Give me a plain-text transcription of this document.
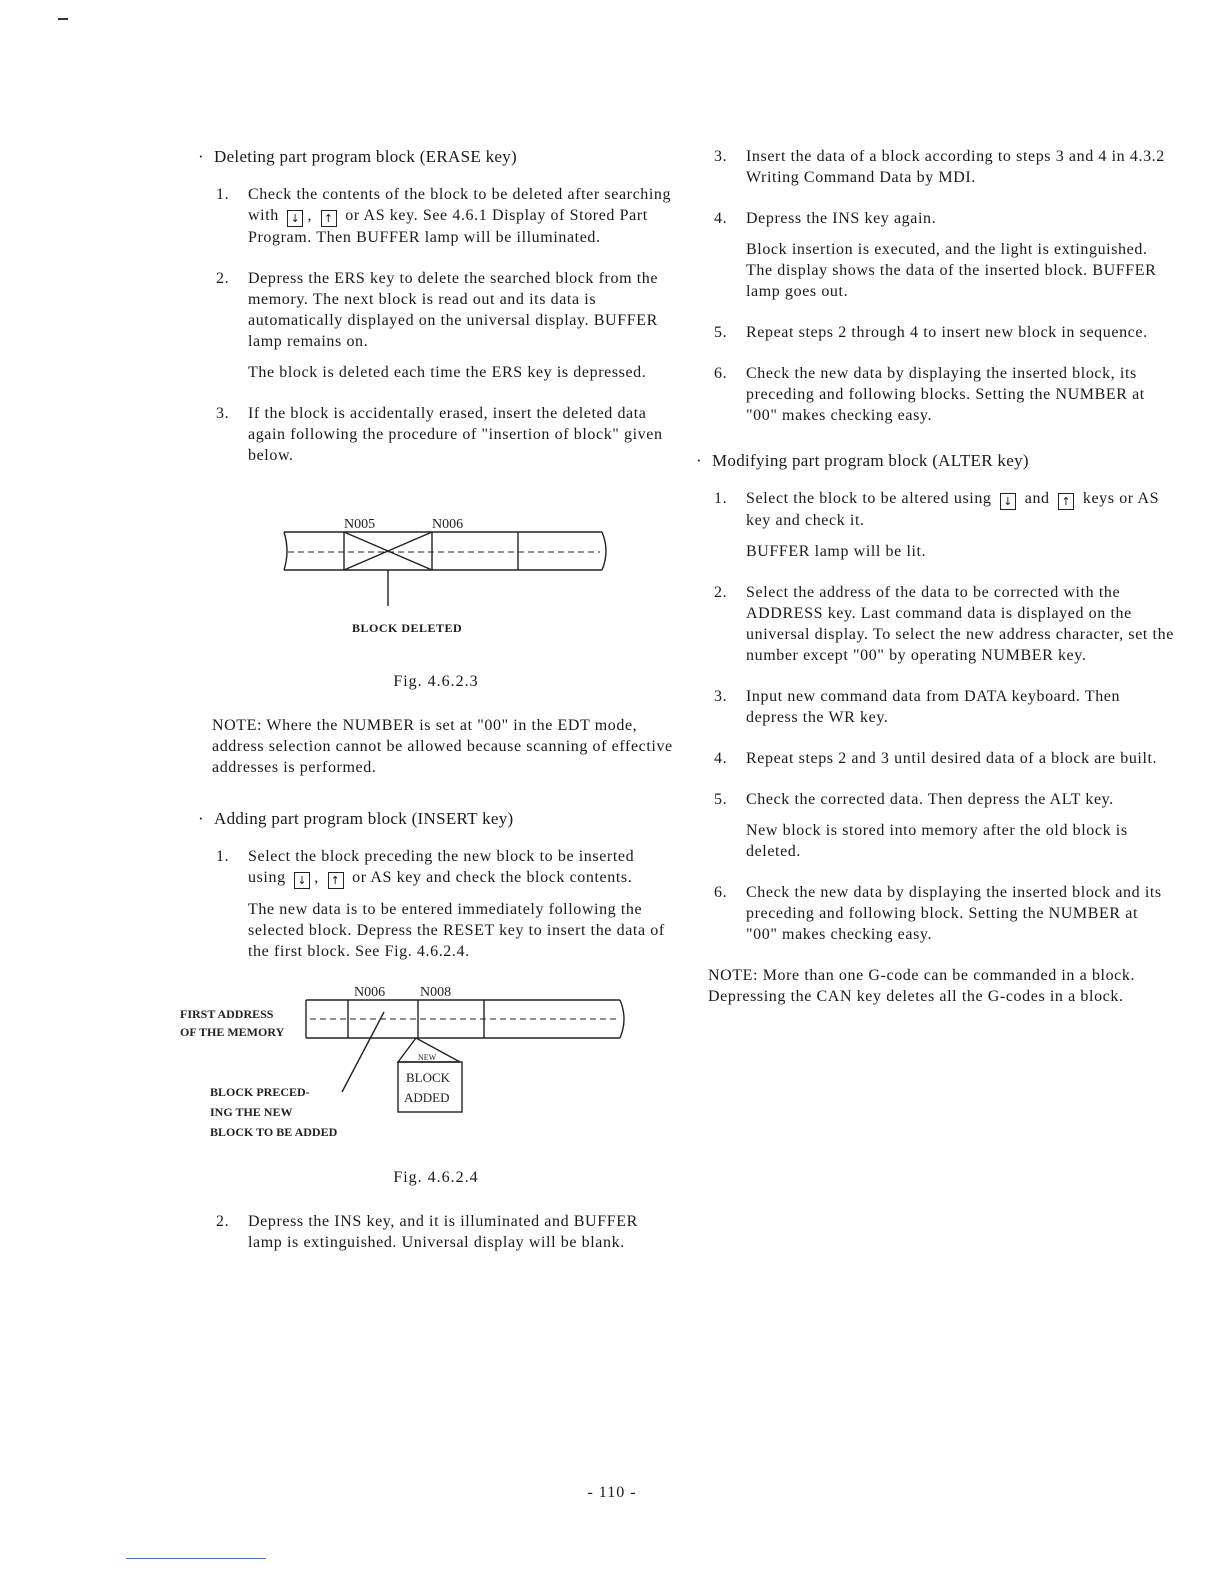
· Deleting part program block (ERASE key)
1. Check the contents of the block to be deleted after searching with ↓ , ↑ or AS key. See 4.6.1 Display of Stored Part Program. Then BUFFER lamp will be illuminated.

2. Depress the ERS key to delete the searched block from the memory. The next block is read out and its data is automatically displayed on the universal display. BUFFER lamp remains on.

The block is deleted each time the ERS key is depressed.

3. If the block is accidentally erased, insert the deleted data again following the procedure of "insertion of block" given below.

N005	N006
BLOCK DELETED
Fig. 4.6.2.3
NOTE: Where the NUMBER is set at "00" in the EDT mode, address selection cannot be allowed because scanning of effective addresses is performed.
· Adding part program block (INSERT key)
1. Select the block preceding the new block to be inserted using ↓ , ↑ or AS key and check the block contents.

The new data is to be entered immediately following the selected block. Depress the RESET key to insert the data of the first block. See Fig. 4.6.2.4.

N006 N008
FIRST ADDRESS
OF THE MEMORY
BLOCK PRECED-
ING THE NEW
BLOCK TO BE ADDED
NEW
BLOCK
ADDED
Fig. 4.6.2.4
2. Depress the INS key, and it is illuminated and BUFFER lamp is extinguished. Universal display will be blank.

3. Insert the data of a block according to steps 3 and 4 in 4.3.2 Writing Command Data by MDI.

4. Depress the INS key again.

Block insertion is executed, and the light is extinguished. The display shows the data of the inserted block. BUFFER lamp goes out.

5. Repeat steps 2 through 4 to insert new block in sequence.

6. Check the new data by displaying the inserted block, its preceding and following blocks. Setting the NUMBER at "00" makes checking easy.

· Modifying part program block (ALTER key)
1. Select the block to be altered using ↓ and ↑ keys or AS key and check it.

BUFFER lamp will be lit.

2. Select the address of the data to be corrected with the ADDRESS key. Last command data is displayed on the universal display. To select the new address character, set the number except "00" by operating NUMBER key.

3. Input new command data from DATA keyboard. Then depress the WR key.

4. Repeat steps 2 and 3 until desired data of a block are built.

5. Check the corrected data. Then depress the ALT key.

New block is stored into memory after the old block is deleted.

6. Check the new data by displaying the inserted block and its preceding and following block. Setting the NUMBER at "00" makes checking easy.

NOTE: More than one G-code can be commanded in a block. Depressing the CAN key deletes all the G-codes in a block.
- 110 -
